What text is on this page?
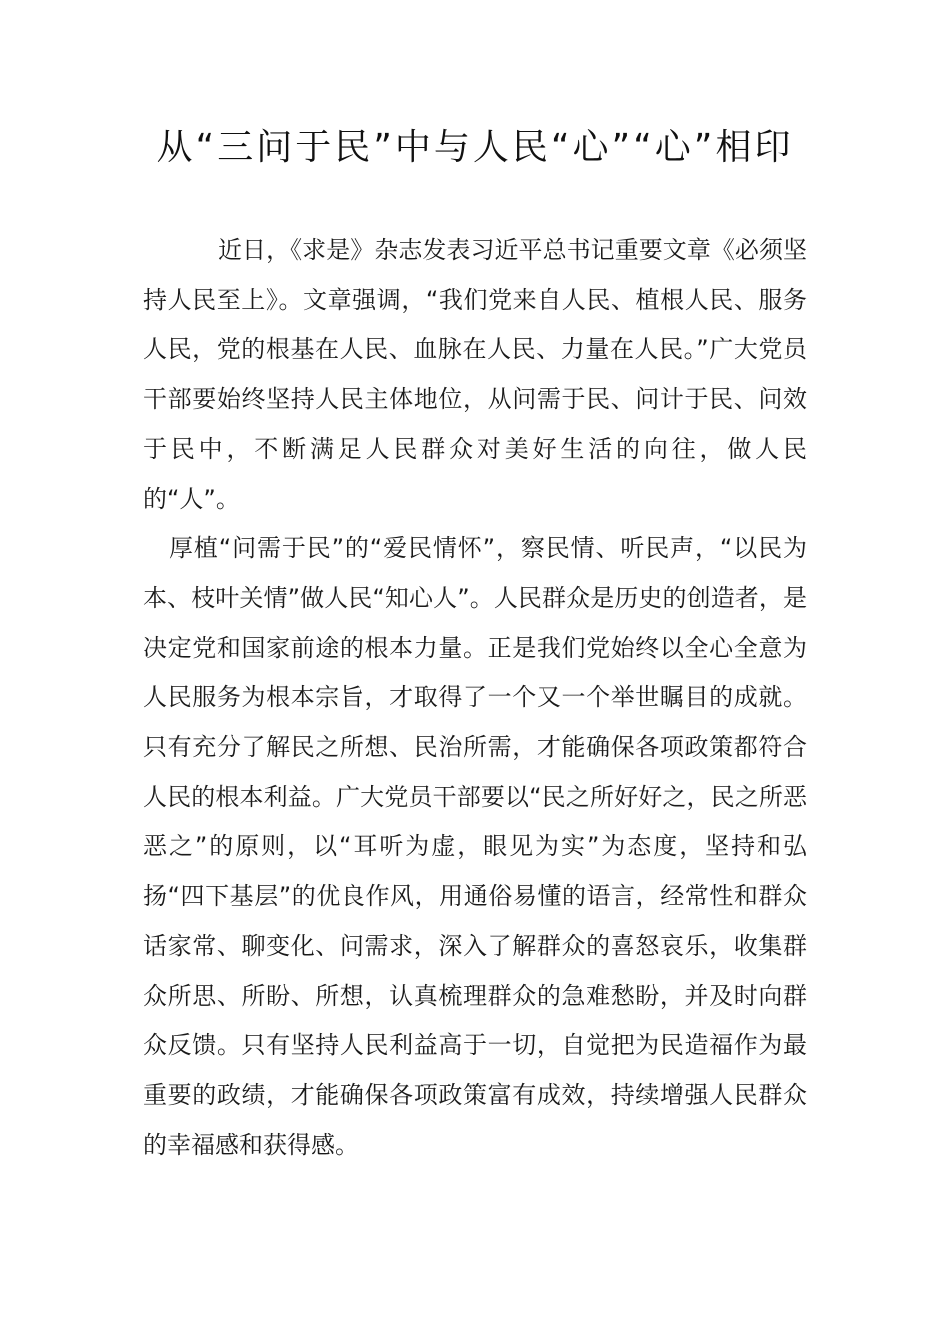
从“三问于民”中与人民“心”“心”相印

近日，《求是》杂志发表习近平总书记重要文章《必须坚持人民至上》。文章强调，“我们党来自人民、植根人民、服务人民，党的根基在人民、血脉在人民、力量在人民。”广大党员干部要始终坚持人民主体地位，从问需于民、问计于民、问效于民中，不断满足人民群众对美好生活的向往，做人民的“人”。

厚植“问需于民”的“爱民情怀”，察民情、听民声，“以民为本、枝叶关情”做人民“知心人”。人民群众是历史的创造者，是决定党和国家前途的根本力量。正是我们党始终以全心全意为人民服务为根本宗旨，才取得了一个又一个举世瞩目的成就。只有充分了解民之所想、民治所需，才能确保各项政策都符合人民的根本利益。广大党员干部要以“民之所好好之，民之所恶恶之”的原则，以“耳听为虚，眼见为实”为态度，坚持和弘扬“四下基层”的优良作风，用通俗易懂的语言，经常性和群众话家常、聊变化、问需求，深入了解群众的喜怒哀乐，收集群众所思、所盼、所想，认真梳理群众的急难愁盼，并及时向群众反馈。只有坚持人民利益高于一切，自觉把为民造福作为最重要的政绩，才能确保各项政策富有成效，持续增强人民群众的幸福感和获得感。
